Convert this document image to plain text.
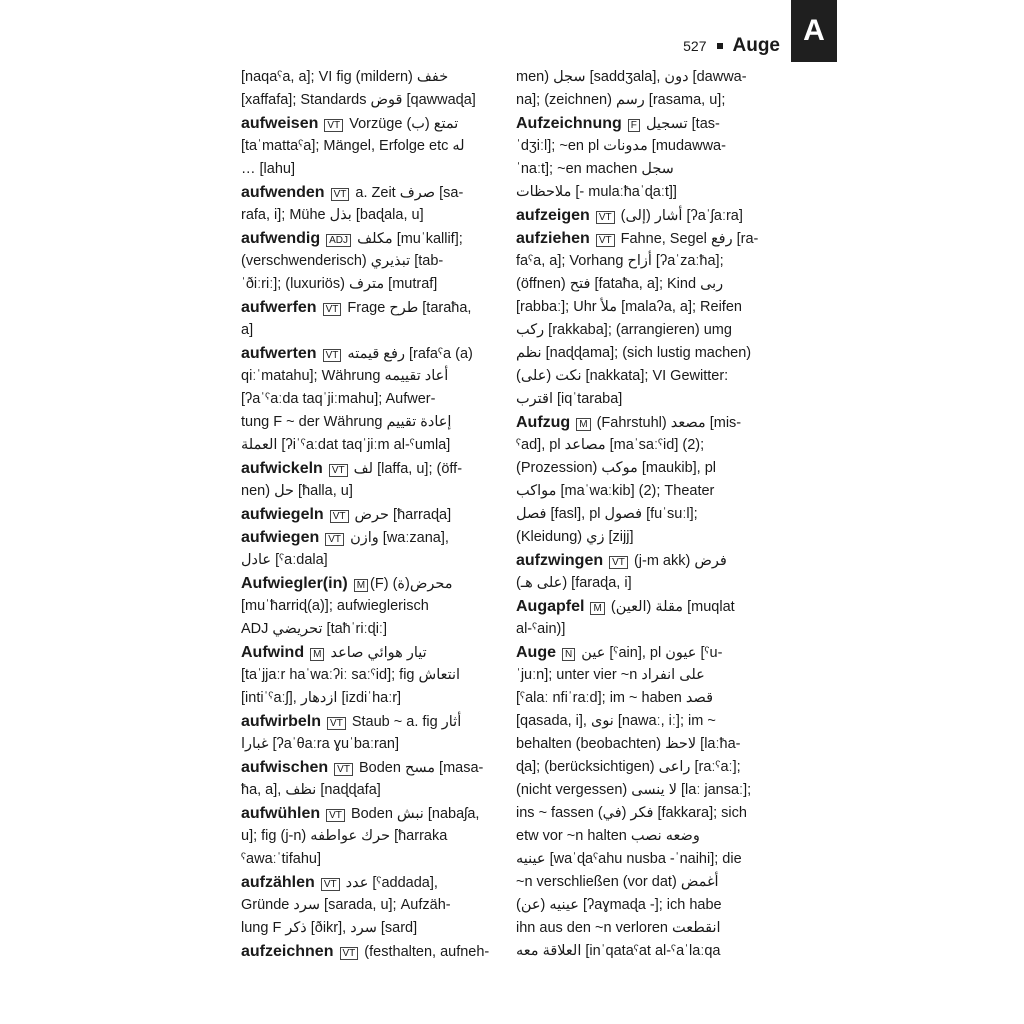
527 Auge A
[naqaˁa, a]; VI fig (mildern) خفف
[xaffafa]; Standards قوض [qawwaɖa]
aufweisen VT Vorzüge تمتع (ب)
[taˈmattaˁa]; Mängel, Erfolge etc له
… [lahu]
aufwenden VT a. Zeit صرف [sa-
rafa, i]; Mühe بذل [baɖala, u]
aufwendig ADJ مكلف [muˈkallif];
(verschwenderisch) تبذيري [tab-
ˈðiːriː]; (luxuriös) مترف [mutraf]
aufwerfen VT Frage طرح [taraħa,
a]
aufwerten VT رفع قيمته [rafaˁa (a)
qiːˈmatahu]; Währung أعاد تقييمه
[ʔaˈˁaːda taqˈjiːmahu]; Aufwer-
tung F ~ der Währung إعادة تقييم
العملة [ʔiˈˁaːdat taqˈjiːm al-ˁumla]
aufwickeln VT لف [laffa, u]; (öff-
nen) حل [ħalla, u]
aufwiegeln VT حرض [ħarraɖa]
aufwiegen VT وازن [waːzana],
عادل [ˁaːdala]
Aufwiegler(in) M (F) محرض(ة)
[muˈħarriɖ(a)]; aufwieglerisch
ADJ تحريضي [taħˈriːɖiː]
Aufwind M تيار هوائي صاعد
[taˈjjaːr haˈwaːʔiː saːˁid]; fig انتعاش
[intiˈˁaːʃ], ازدهار [izdiˈhaːr]
aufwirbeln VT Staub ~ a. fig أثار
غبارا [ʔaˈθaːra ɣuˈbaːran]
aufwischen VT Boden مسح [masa-
ħa, a], نظف [naɖɖafa]
aufwühlen VT Boden نبش [nabaʃa,
u]; fig (j-n) حرك عواطفه [ħarraka
ˁawaːˈtifahu]
aufzählen VT عدد [ˁaddada],
Gründe سرد [sarada, u]; Aufzäh-
lung F ذكر [ðikr], سرد [sard]
aufzeichnen VT (festhalten, aufneh-
men) سجل [saddʒala], دون [dawwa-
na]; (zeichnen) رسم [rasama, u];
Aufzeichnung F تسجيل [tas-
ˈdʒiːl]; ~en pl مدونات [mudawwa-
ˈnaːt]; ~en machen سجل
ملاحظات [- mulaːħaˈɖaːt]]
aufzeigen VT أشار (إلى) [ʔaˈʃaːra]
aufziehen VT Fahne, Segel رفع [ra-
faˁa, a]; Vorhang أزاح [ʔaˈzaːħa];
(öffnen) فتح [fataħa, a]; Kind ربى
[rabbaː]; Uhr ملأ [malaʔa, a]; Reifen
ركب [rakkaba]; (arrangieren) umg
نظم [naɖɖama]; (sich lustig machen)
نكت (على) [nakkata]; VI Gewitter:
اقترب [iqˈtaraba]
Aufzug M (Fahrstuhl) مصعد [mis-
ˁad], pl مصاعد [maˈsaːˁid] (2);
(Prozession) موكب [maukib], pl
مواكب [maˈwaːkib] (2); Theater
فصل [fasl], pl فصول [fuˈsuːl];
(Kleidung) زي [zijj]
aufzwingen VT (j-m akk) فرض
(على هـ) [faraɖa, i]
Augapfel M مقلة (العين) [muqlat
al-ˁain)]
Auge N عين [ˁain], pl عيون [ˁu-
ˈjuːn]; unter vier ~n على انفراد
[ˁalaː nfiˈraːd]; im ~ haben قصد
[qasada, i], نوى [nawaː, iː]; im ~
behalten (beobachten) لاحظ [laːħa-
ɖa]; (berücksichtigen) راعى [raːˁaː];
(nicht vergessen) لا ينسى [laː jansaː];
ins ~ fassen فكر (في) [fakkara]; sich
etw vor ~n halten وضعه نصب
عينيه [waˈɖaˁahu nusba -ˈnaihi]; die
~n verschließen (vor dat) أغمض
عينيه (عن) [ʔaɣmaɖa -]; ich habe
ihn aus den ~n verloren انقطعت
العلاقة معه [inˈqataˁat al-ˁaˈlaːqa
